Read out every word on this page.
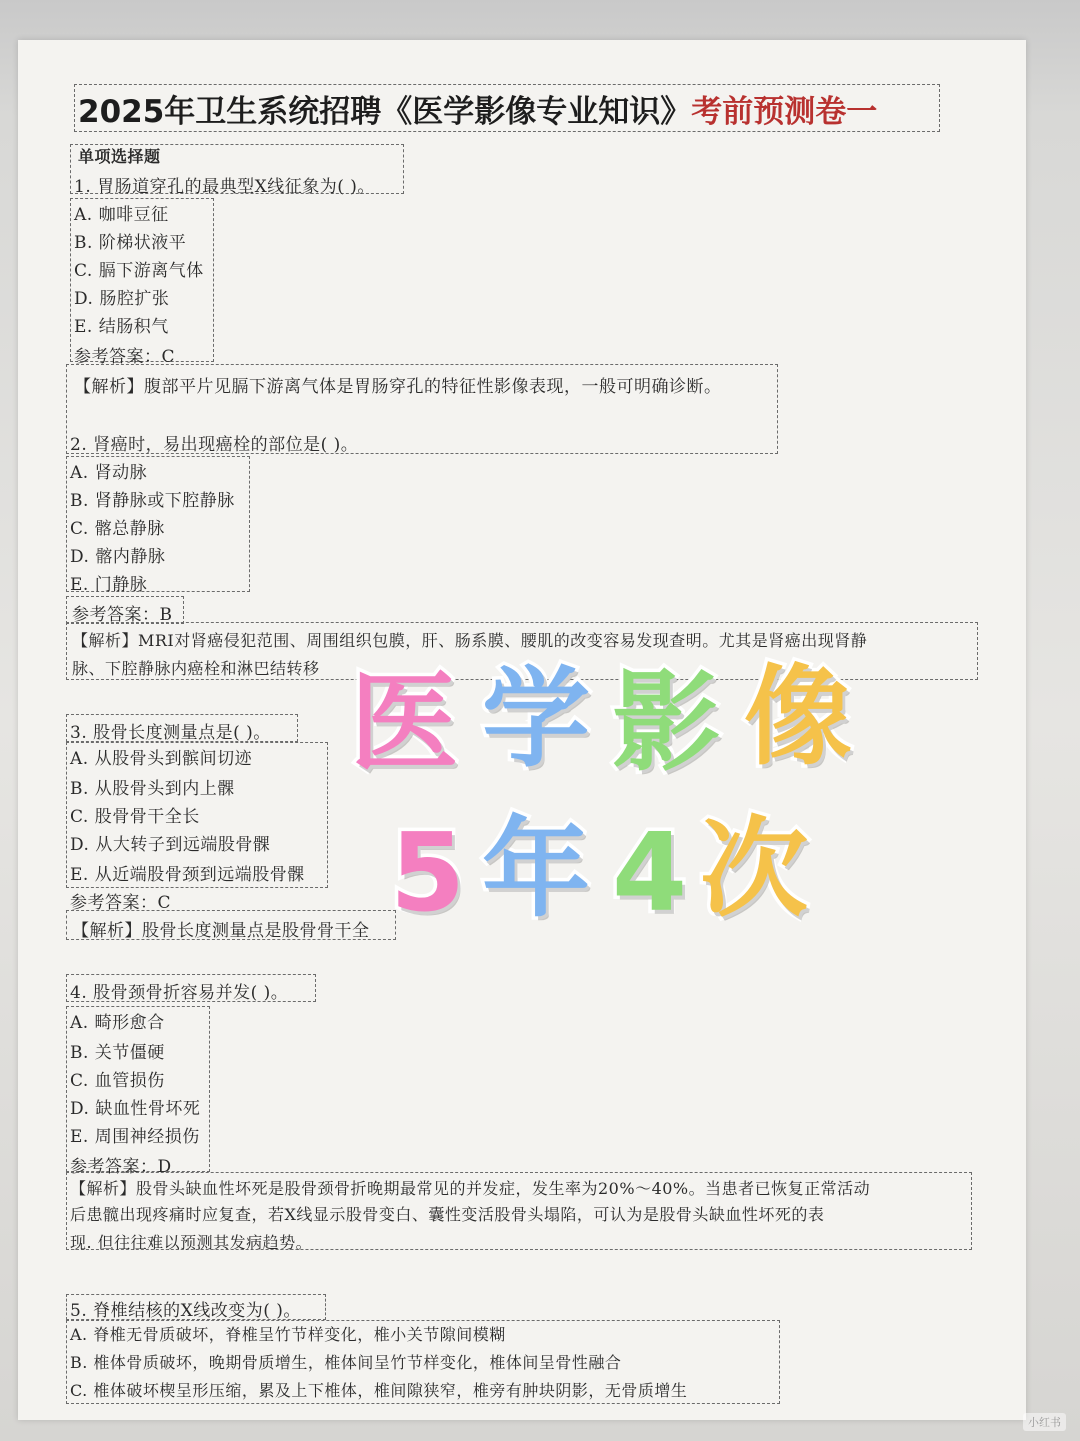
2025年卫生系统招聘《医学影像专业知识》考前预测卷一
单项选择题
1. 胃肠道穿孔的最典型X线征象为( )。
A. 咖啡豆征
B. 阶梯状液平
C. 膈下游离气体
D. 肠腔扩张
E. 结肠积气
参考答案：C
【解析】腹部平片见膈下游离气体是胃肠穿孔的特征性影像表现，一般可明确诊断。
2. 肾癌时，易出现癌栓的部位是( )。
A. 肾动脉
B. 肾静脉或下腔静脉
C. 髂总静脉
D. 髂内静脉
E. 门静脉
参考答案：B
【解析】MRI对肾癌侵犯范围、周围组织包膜，肝、肠系膜、腰肌的改变容易发现查明。尤其是肾癌出现肾静
脉、下腔静脉内癌栓和淋巴结转移
3. 股骨长度测量点是( )。
A. 从股骨头到髌间切迹
B. 从股骨头到内上髁
C. 股骨骨干全长
D. 从大转子到远端股骨髁
E. 从近端股骨颈到远端股骨髁
参考答案：C
【解析】股骨长度测量点是股骨骨干全
4. 股骨颈骨折容易并发( )。
A. 畸形愈合
B. 关节僵硬
C. 血管损伤
D. 缺血性骨坏死
E. 周围神经损伤
参考答案：D
【解析】股骨头缺血性坏死是股骨颈骨折晚期最常见的并发症，发生率为20%～40%。当患者已恢复正常活动
后患髋出现疼痛时应复查，若X线显示股骨变白、囊性变活股骨头塌陷，可认为是股骨头缺血性坏死的表
现. 但往往难以预测其发病趋势。
5. 脊椎结核的X线改变为( )。
A. 脊椎无骨质破坏，脊椎呈竹节样变化，椎小关节隙间模糊
B. 椎体骨质破坏，晚期骨质增生，椎体间呈竹节样变化，椎体间呈骨性融合
C. 椎体破坏楔呈形压缩，累及上下椎体，椎间隙狭窄，椎旁有肿块阴影，无骨质增生
医 学 影 像
5 年 4 次
小红书
